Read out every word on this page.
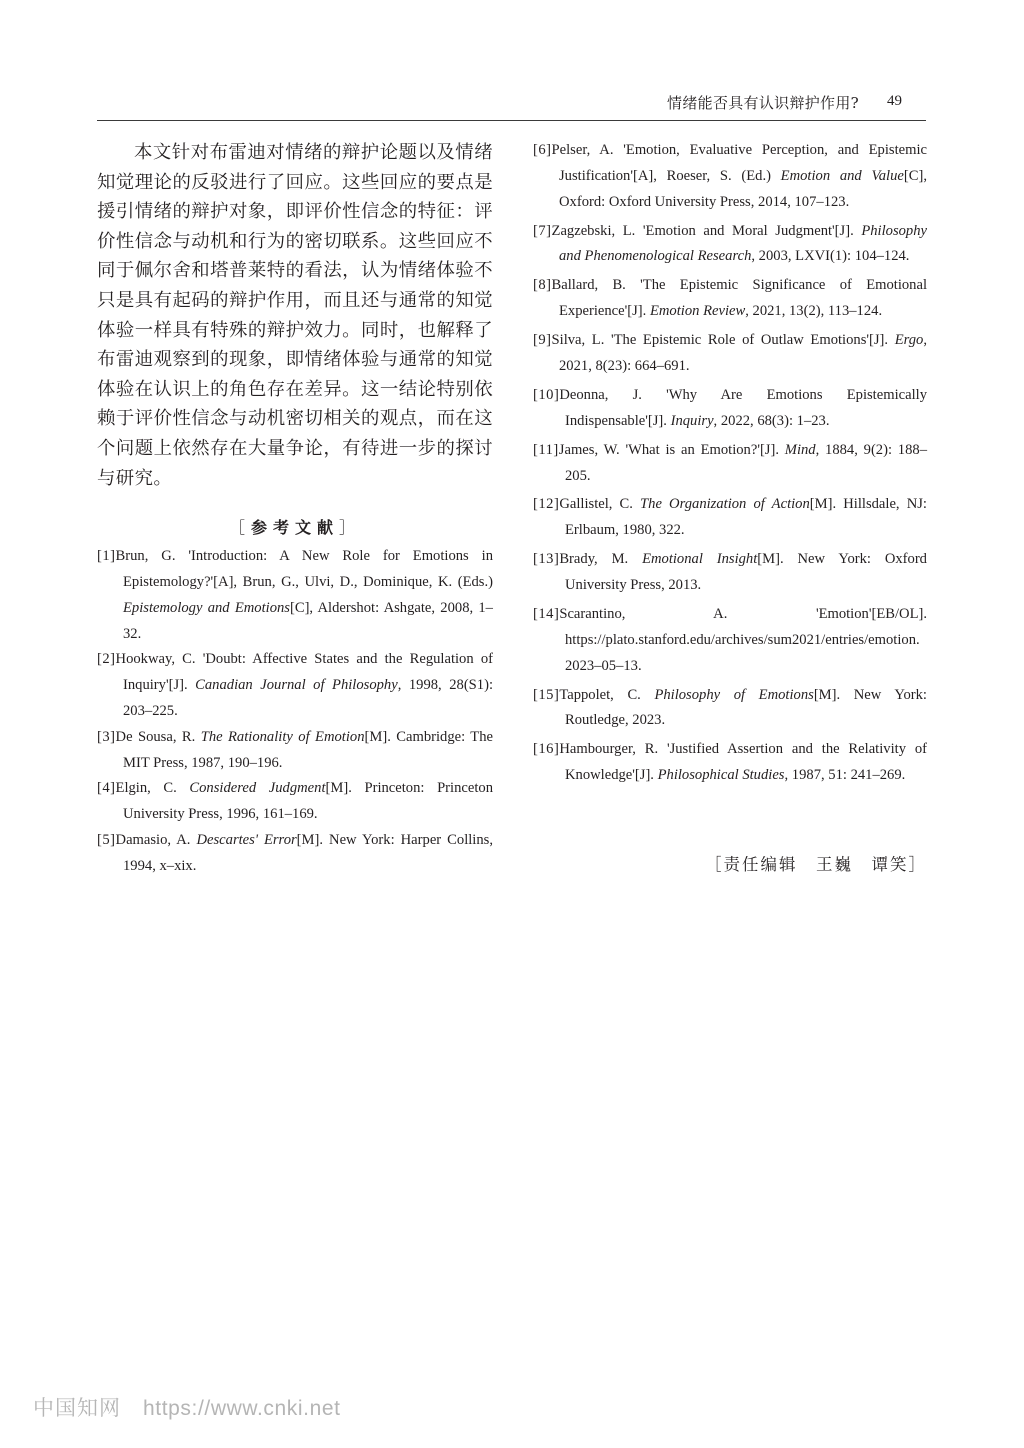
情绪能否具有认识辩护作用? 49

本文针对布雷迪对情绪的辩护论题以及情绪知觉理论的反驳进行了回应。这些回应的要点是援引情绪的辩护对象，即评价性信念的特征：评价性信念与动机和行为的密切联系。这些回应不同于佩尔舍和塔普莱特的看法，认为情绪体验不只是具有起码的辩护作用，而且还与通常的知觉体验一样具有特殊的辩护效力。同时，也解释了布雷迪观察到的现象，即情绪体验与通常的知觉体验在认识上的角色存在差异。这一结论特别依赖于评价性信念与动机密切相关的观点，而在这个问题上依然存在大量争论，有待进一步的探讨与研究。

［参考文献］
[1]Brun, G. 'Introduction: A New Role for Emotions in Epistemology?'[A], Brun, G., Ulvi, D., Dominique, K. (Eds.) Epistemology and Emotions[C], Aldershot: Ashgate, 2008, 1–32.
[2]Hookway, C. 'Doubt: Affective States and the Regulation of Inquiry'[J]. Canadian Journal of Philosophy, 1998, 28(S1): 203–225.
[3]De Sousa, R. The Rationality of Emotion[M]. Cambridge: The MIT Press, 1987, 190–196.
[4]Elgin, C. Considered Judgment[M]. Princeton: Princeton University Press, 1996, 161–169.
[5]Damasio, A. Descartes' Error[M]. New York: Harper Collins, 1994, x–xix.
[6]Pelser, A. 'Emotion, Evaluative Perception, and Epistemic Justification'[A], Roeser, S. (Ed.) Emotion and Value[C], Oxford: Oxford University Press, 2014, 107–123.
[7]Zagzebski, L. 'Emotion and Moral Judgment'[J]. Philosophy and Phenomenological Research, 2003, LXVI(1): 104–124.
[8]Ballard, B. 'The Epistemic Significance of Emotional Experience'[J]. Emotion Review, 2021, 13(2), 113–124.
[9]Silva, L. 'The Epistemic Role of Outlaw Emotions'[J]. Ergo, 2021, 8(23): 664–691.
[10]Deonna, J. 'Why Are Emotions Epistemically Indispensable'[J]. Inquiry, 2022, 68(3): 1–23.
[11]James, W. 'What is an Emotion?'[J]. Mind, 1884, 9(2): 188–205.
[12]Gallistel, C. The Organization of Action[M]. Hillsdale, NJ: Erlbaum, 1980, 322.
[13]Brady, M. Emotional Insight[M]. New York: Oxford University Press, 2013.
[14]Scarantino, A. 'Emotion'[EB/OL]. https://plato.stanford.edu/archives/sum2021/entries/emotion. 2023–05–13.
[15]Tappolet, C. Philosophy of Emotions[M]. New York: Routledge, 2023.
[16]Hambourger, R. 'Justified Assertion and the Relativity of Knowledge'[J]. Philosophical Studies, 1987, 51: 241–269.
［责任编辑　王巍　谭笑］
中国知网 https://www.cnki.net
